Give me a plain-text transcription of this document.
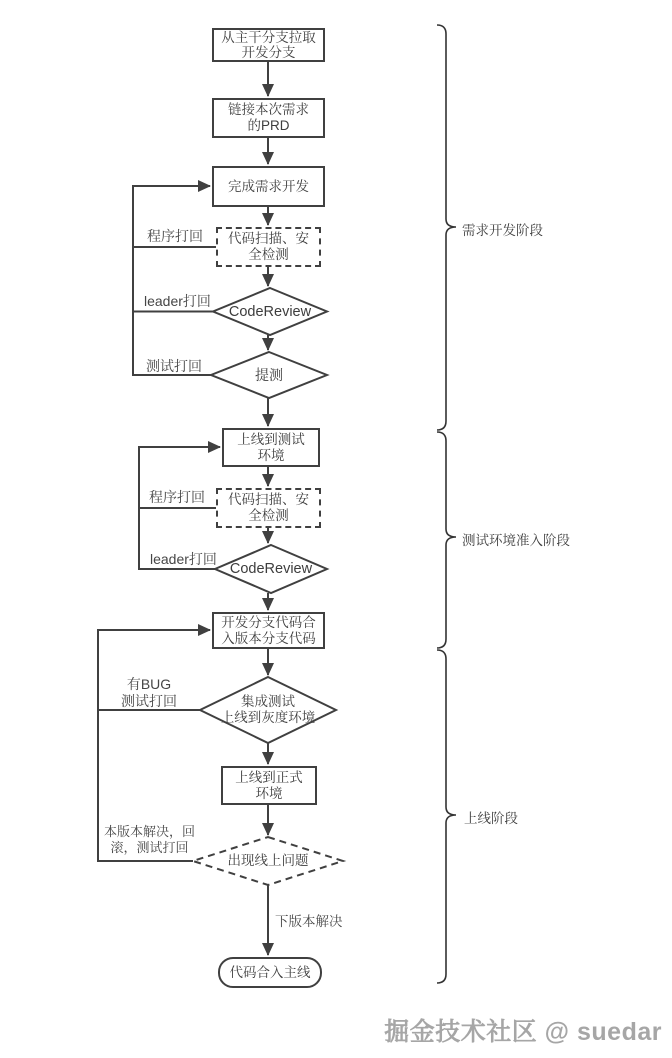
从主干分支拉取
开发分支
链接本次需求
的PRD
完成需求开发
代码扫描、安
全检测
上线到测试
环境
代码扫描、安
全检测
开发分支代码合
入版本分支代码
上线到正式
环境
代码合入主线
CodeReview
提测
CodeReview
集成测试
上线到灰度环境
出现线上问题
程序打回
leader打回
测试打回
程序打回
leader打回
有BUG
测试打回
本版本解决，回
滚，测试打回
下版本解决
需求开发阶段
测试环境准入阶段
上线阶段
掘金技术社区 @ suedar
